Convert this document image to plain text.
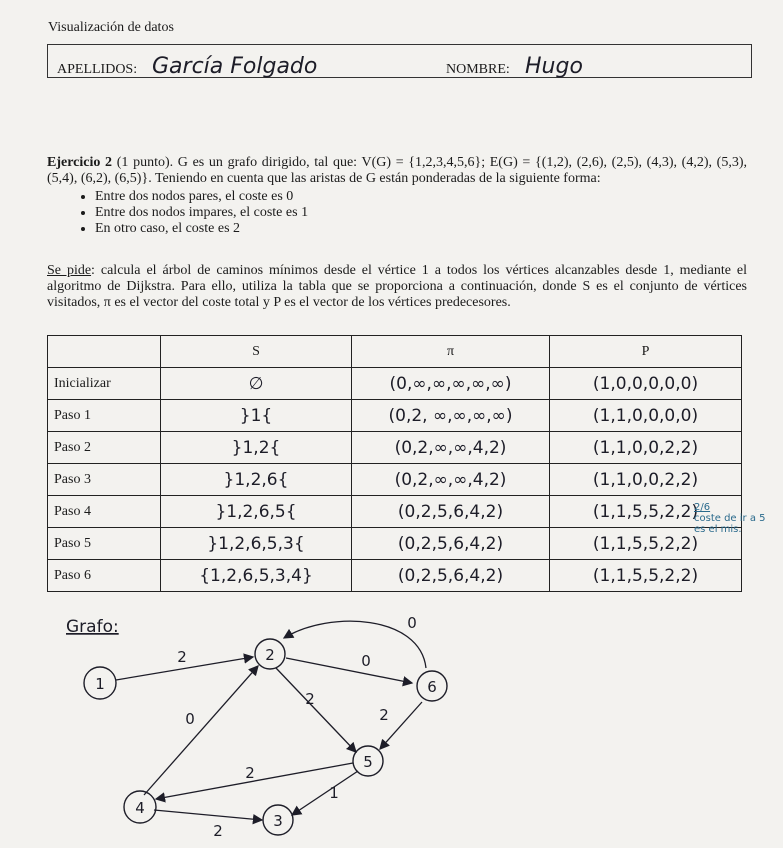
Visualización de datos
APELLIDOS: García Folgado	NOMBRE: Hugo
Ejercicio 2 (1 punto). G es un grafo dirigido, tal que: V(G) = {1,2,3,4,5,6}; E(G) = {(1,2), (2,6), (2,5), (4,3), (4,2), (5,3), (5,4), (6,2), (6,5)}. Teniendo en cuenta que las aristas de G están ponderadas de la siguiente forma:
• Entre dos nodos pares, el coste es 0
• Entre dos nodos impares, el coste es 1
• En otro caso, el coste es 2
Se pide: calcula el árbol de caminos mínimos desde el vértice 1 a todos los vértices alcanzables desde 1, mediante el algoritmo de Dijkstra. Para ello, utiliza la tabla que se proporciona a continuación, donde S es el conjunto de vértices visitados, π es el vector del coste total y P es el vector de los vértices predecesores.
	S	π	P
Inicializar	∅	(0,∞,∞,∞,∞,∞)	(1,0,0,0,0,0)
Paso 1	}1{	(0,2, ∞,∞,∞,∞)	(1,1,0,0,0,0)
Paso 2	}1,2{	(0,2,∞,∞,4,2)	(1,1,0,0,2,2)
Paso 3	}1,2,6{	(0,2,∞,∞,4,2)	(1,1,0,0,2,2)
Paso 4	}1,2,6,5{	(0,2,5,6,4,2)	(1,1,5,5,2,2)
Paso 5	}1,2,6,5,3{	(0,2,5,6,4,2)	(1,1,5,5,2,2)
Paso 6	{1,2,6,5,3,4}	(0,2,5,6,4,2)	(1,1,5,5,2,2)
2/6
coste de ir a 5 es el mis.
Grafo:
1
2
6
5
4
3
2	0
0
2
2
0
2
1
2
